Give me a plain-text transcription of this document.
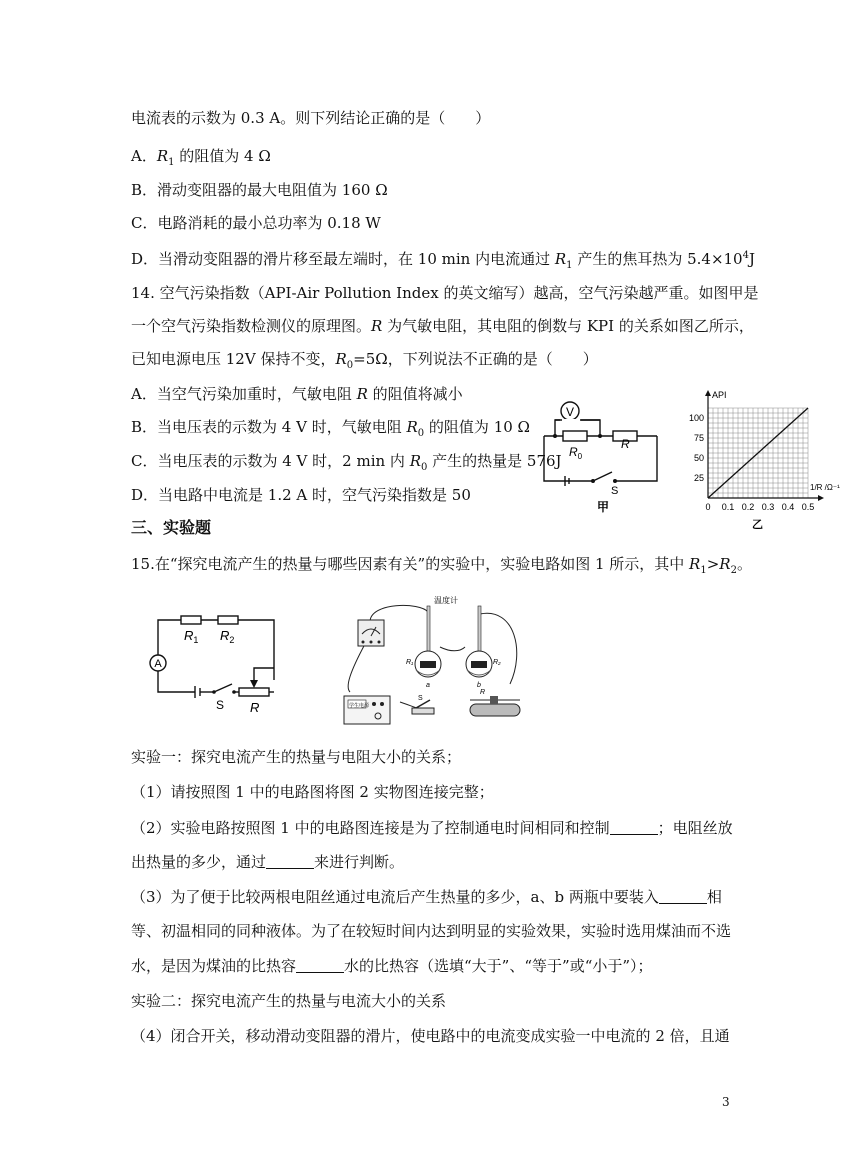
电流表的示数为 0.3 A。则下列结论正确的是（　　）
A．$R_1$ 的阻值为 4 Ω
B．滑动变阻器的最大电阻值为 160 Ω
C．电路消耗的最小总功率为 0.18 W
D．当滑动变阻器的滑片移至最左端时，在 10 min 内电流通过 $R_1$ 产生的焦耳热为 $5.4\times 10^4J$
14. 空气污染指数（API-Air Pollution Index 的英文缩写）越高，空气污染越严重。如图甲是
一个空气污染指数检测仪的原理图。R 为气敏电阻，其电阻的倒数与 KPI 的关系如图乙所示，
已知电源电压 12V 保持不变，$R_0=5\Omega$，下列说法不正确的是（　　）
A．当空气污染加重时，气敏电阻 R 的阻值将减小
B．当电压表的示数为 4 V 时，气敏电阻 $R_0$ 的阻值为 10 Ω
C．当电压表的示数为 4 V 时，2 min 内 $R_0$ 产生的热量是 576J
D．当电路中电流是 1.2 A 时，空气污染指数是 50
V
$R_0$
R
S
甲	0 0.1 0.2 0.3 0.4 0.5
25
50
75
100
API
1/R /Ω⁻¹
乙
三、实验题
15.在“探究电流产生的热量与哪些因素有关”的实验中，实验电路如图 1 所示，其中 $R_1>R_2$。
A
$R_1$ $R_2$
S R
温度计
R₁
a
R₂
b
学生电源
S
R
实验一：探究电流产生的热量与电阻大小的关系；
（1）请按照图 1 中的电路图将图 2 实物图连接完整；
（2）实验电路按照图 1 中的电路图连接是为了控制通电时间相同和控制	；电阻丝放
出热量的多少，通过	来进行判断。
（3）为了便于比较两根电阻丝通过电流后产生热量的多少，a、b 两瓶中要装入	相
等、初温相同的同种液体。为了在较短时间内达到明显的实验效果，实验时选用煤油而不选
水，是因为煤油的比热容	水的比热容（选填“大于”、“等于”或“小于”）；
实验二：探究电流产生的热量与电流大小的关系
（4）闭合开关，移动滑动变阻器的滑片，使电路中的电流变成实验一中电流的 2 倍，且通
3
